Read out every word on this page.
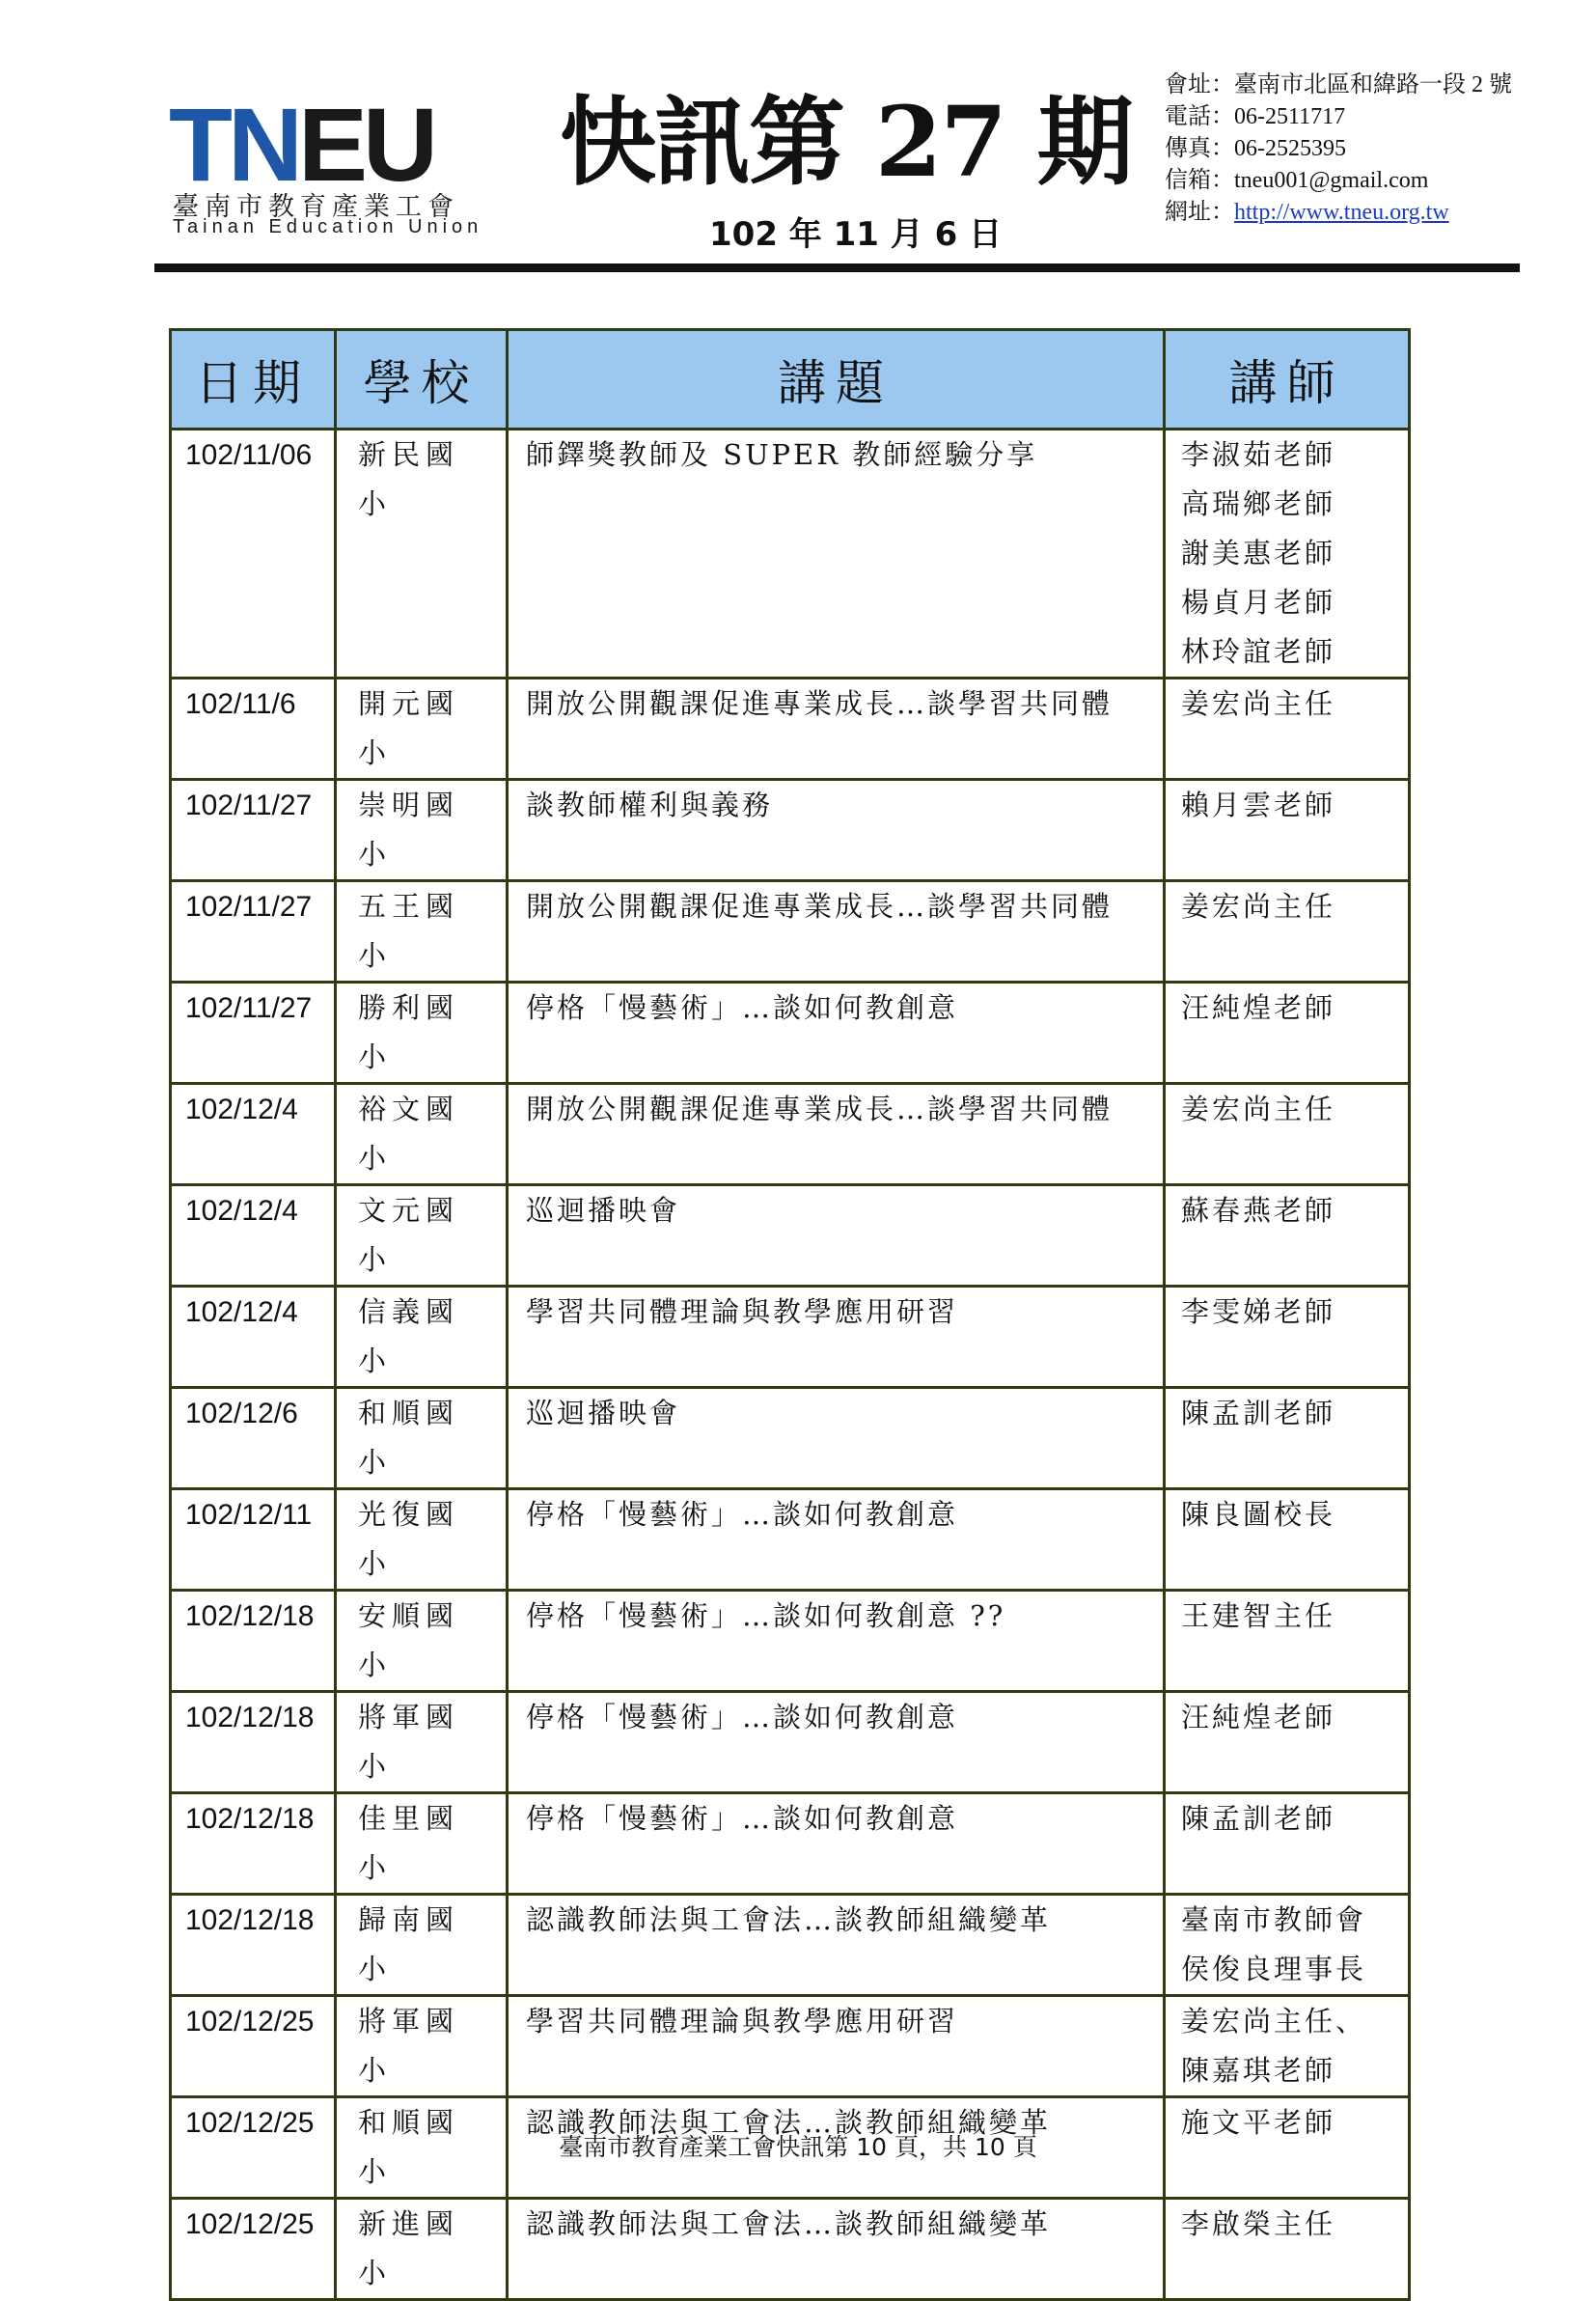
TNEU
臺南市教育產業工會
Tainan Education Union
快訊第 27 期
102 年 11 月 6 日
會址：臺南市北區和緯路一段 2 號
電話：06-2511717
傳真：06-2525395
信箱：tneu001@gmail.com
網址：http://www.tneu.org.tw
日期	學校	講題	講師
102/11/06	新民國小	師鐸獎教師及 SUPER 教師經驗分享	李淑茹老師
高瑞鄉老師
謝美惠老師
楊貞月老師
林玲誼老師
102/11/6	開元國小	開放公開觀課促進專業成長…談學習共同體	姜宏尚主任
102/11/27	崇明國小	談教師權利與義務	賴月雲老師
102/11/27	五王國小	開放公開觀課促進專業成長…談學習共同體	姜宏尚主任
102/11/27	勝利國小	停格「慢藝術」…談如何教創意	汪純煌老師
102/12/4	裕文國小	開放公開觀課促進專業成長…談學習共同體	姜宏尚主任
102/12/4	文元國小	巡迴播映會	蘇春燕老師
102/12/4	信義國小	學習共同體理論與教學應用研習	李雯娣老師
102/12/6	和順國小	巡迴播映會	陳孟訓老師
102/12/11	光復國小	停格「慢藝術」…談如何教創意	陳良圖校長
102/12/18	安順國小	停格「慢藝術」…談如何教創意 ??	王建智主任
102/12/18	將軍國小	停格「慢藝術」…談如何教創意	汪純煌老師
102/12/18	佳里國小	停格「慢藝術」…談如何教創意	陳孟訓老師
102/12/18	歸南國小	認識教師法與工會法…談教師組織變革	臺南市教師會
侯俊良理事長
102/12/25	將軍國小	學習共同體理論與教學應用研習	姜宏尚主任、陳嘉琪老師
102/12/25	和順國小	認識教師法與工會法…談教師組織變革	施文平老師
102/12/25	新進國小	認識教師法與工會法…談教師組織變革	李啟榮主任
臺南市教育產業工會快訊第 10 頁，共 10 頁
